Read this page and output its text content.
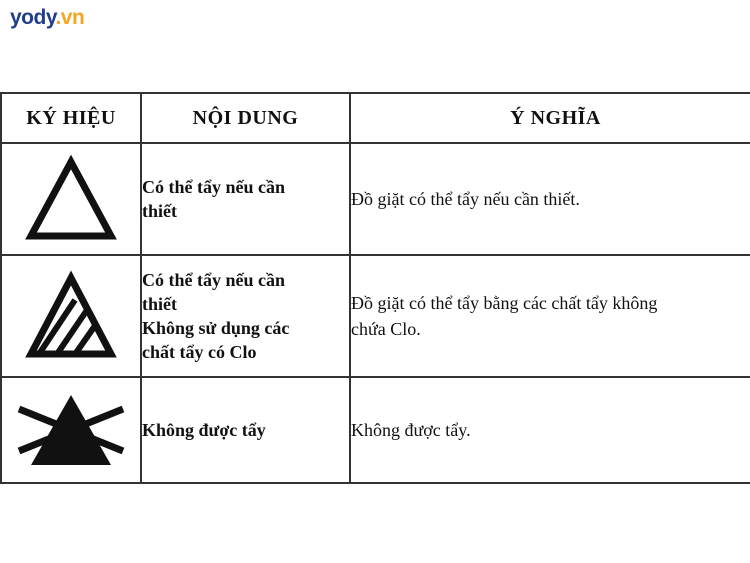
yody.vn
KÝ HIỆU	NỘI DUNG	Ý NGHĨA

Có thể tẩy nếu cần
thiết	Đồ giặt có thể tẩy nếu cần thiết.

Có thể tẩy nếu cần
thiết
Không sử dụng các
chất tẩy có Clo	Đồ giặt có thể tẩy bằng các chất tẩy không
chứa Clo.

Không được tẩy	Không được tẩy.
